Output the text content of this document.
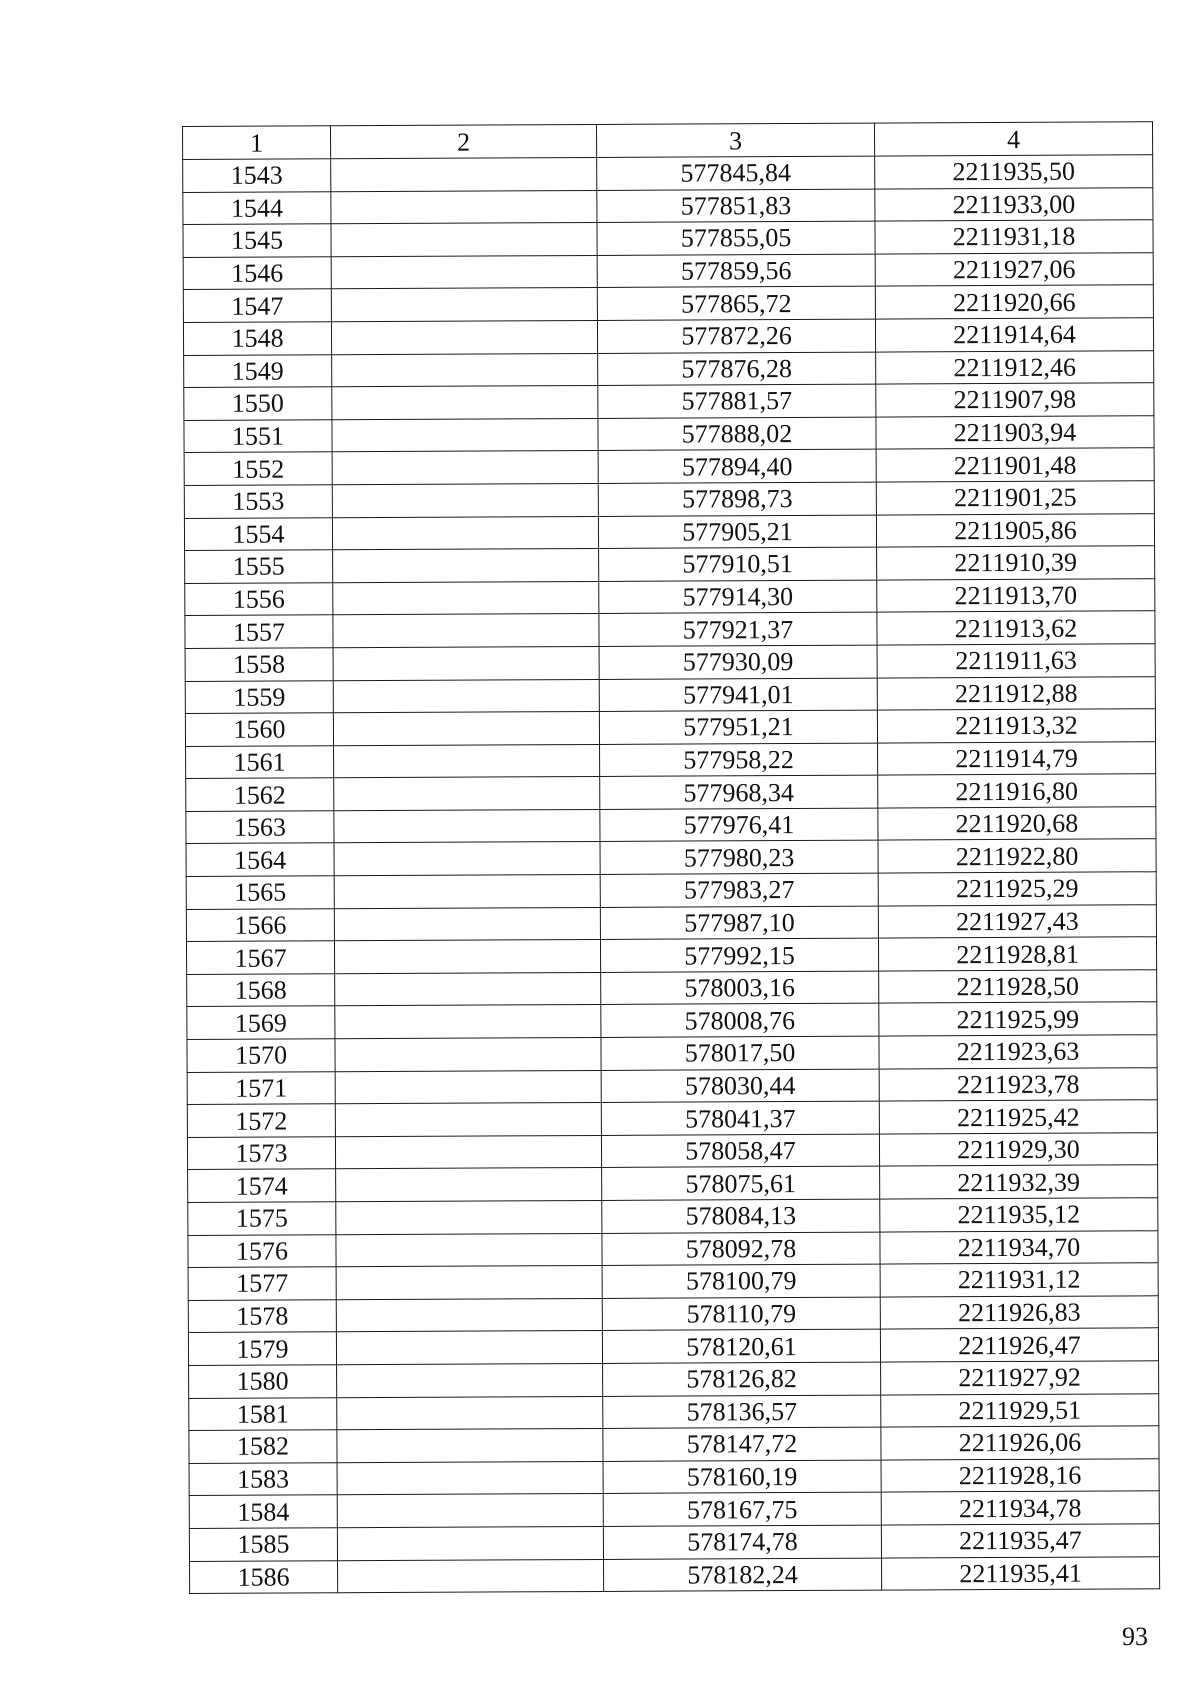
1	2	3	4
1543		577845,84	2211935,50
1544		577851,83	2211933,00
1545		577855,05	2211931,18
1546		577859,56	2211927,06
1547		577865,72	2211920,66
1548		577872,26	2211914,64
1549		577876,28	2211912,46
1550		577881,57	2211907,98
1551		577888,02	2211903,94
1552		577894,40	2211901,48
1553		577898,73	2211901,25
1554		577905,21	2211905,86
1555		577910,51	2211910,39
1556		577914,30	2211913,70
1557		577921,37	2211913,62
1558		577930,09	2211911,63
1559		577941,01	2211912,88
1560		577951,21	2211913,32
1561		577958,22	2211914,79
1562		577968,34	2211916,80
1563		577976,41	2211920,68
1564		577980,23	2211922,80
1565		577983,27	2211925,29
1566		577987,10	2211927,43
1567		577992,15	2211928,81
1568		578003,16	2211928,50
1569		578008,76	2211925,99
1570		578017,50	2211923,63
1571		578030,44	2211923,78
1572		578041,37	2211925,42
1573		578058,47	2211929,30
1574		578075,61	2211932,39
1575		578084,13	2211935,12
1576		578092,78	2211934,70
1577		578100,79	2211931,12
1578		578110,79	2211926,83
1579		578120,61	2211926,47
1580		578126,82	2211927,92
1581		578136,57	2211929,51
1582		578147,72	2211926,06
1583		578160,19	2211928,16
1584		578167,75	2211934,78
1585		578174,78	2211935,47
1586		578182,24	2211935,41
93
